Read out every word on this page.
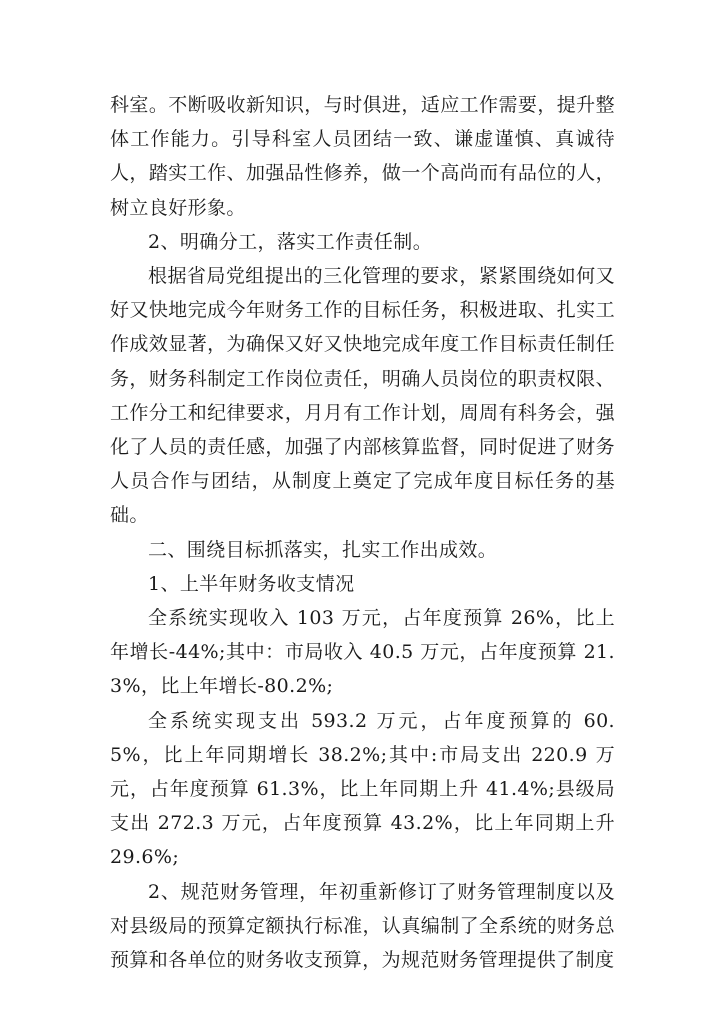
科室。不断吸收新知识，与时俱进，适应工作需要，提升整体工作能力。引导科室人员团结一致、谦虚谨慎、真诚待人，踏实工作、加强品性修养，做一个高尚而有品位的人，树立良好形象。

2、明确分工，落实工作责任制。

根据省局党组提出的三化管理的要求，紧紧围绕如何又好又快地完成今年财务工作的目标任务，积极进取、扎实工作成效显著，为确保又好又快地完成年度工作目标责任制任务，财务科制定工作岗位责任，明确人员岗位的职责权限、工作分工和纪律要求，月月有工作计划，周周有科务会，强化了人员的责任感，加强了内部核算监督，同时促进了财务人员合作与团结，从制度上奠定了完成年度目标任务的基础。

二、围绕目标抓落实，扎实工作出成效。

1、上半年财务收支情况

全系统实现收入 103 万元，占年度预算 26%，比上年增长-44%;其中：市局收入 40.5 万元，占年度预算 21.3%，比上年增长-80.2%;

全系统实现支出 593.2 万元，占年度预算的 60.5%，比上年同期增长 38.2%;其中:市局支出 220.9 万元，占年度预算 61.3%，比上年同期上升 41.4%;县级局支出 272.3 万元，占年度预算 43.2%，比上年同期上升 29.6%;

2、规范财务管理，年初重新修订了财务管理制度以及对县级局的预算定额执行标准，认真编制了全系统的财务总预算和各单位的财务收支预算，为规范财务管理提供了制度
